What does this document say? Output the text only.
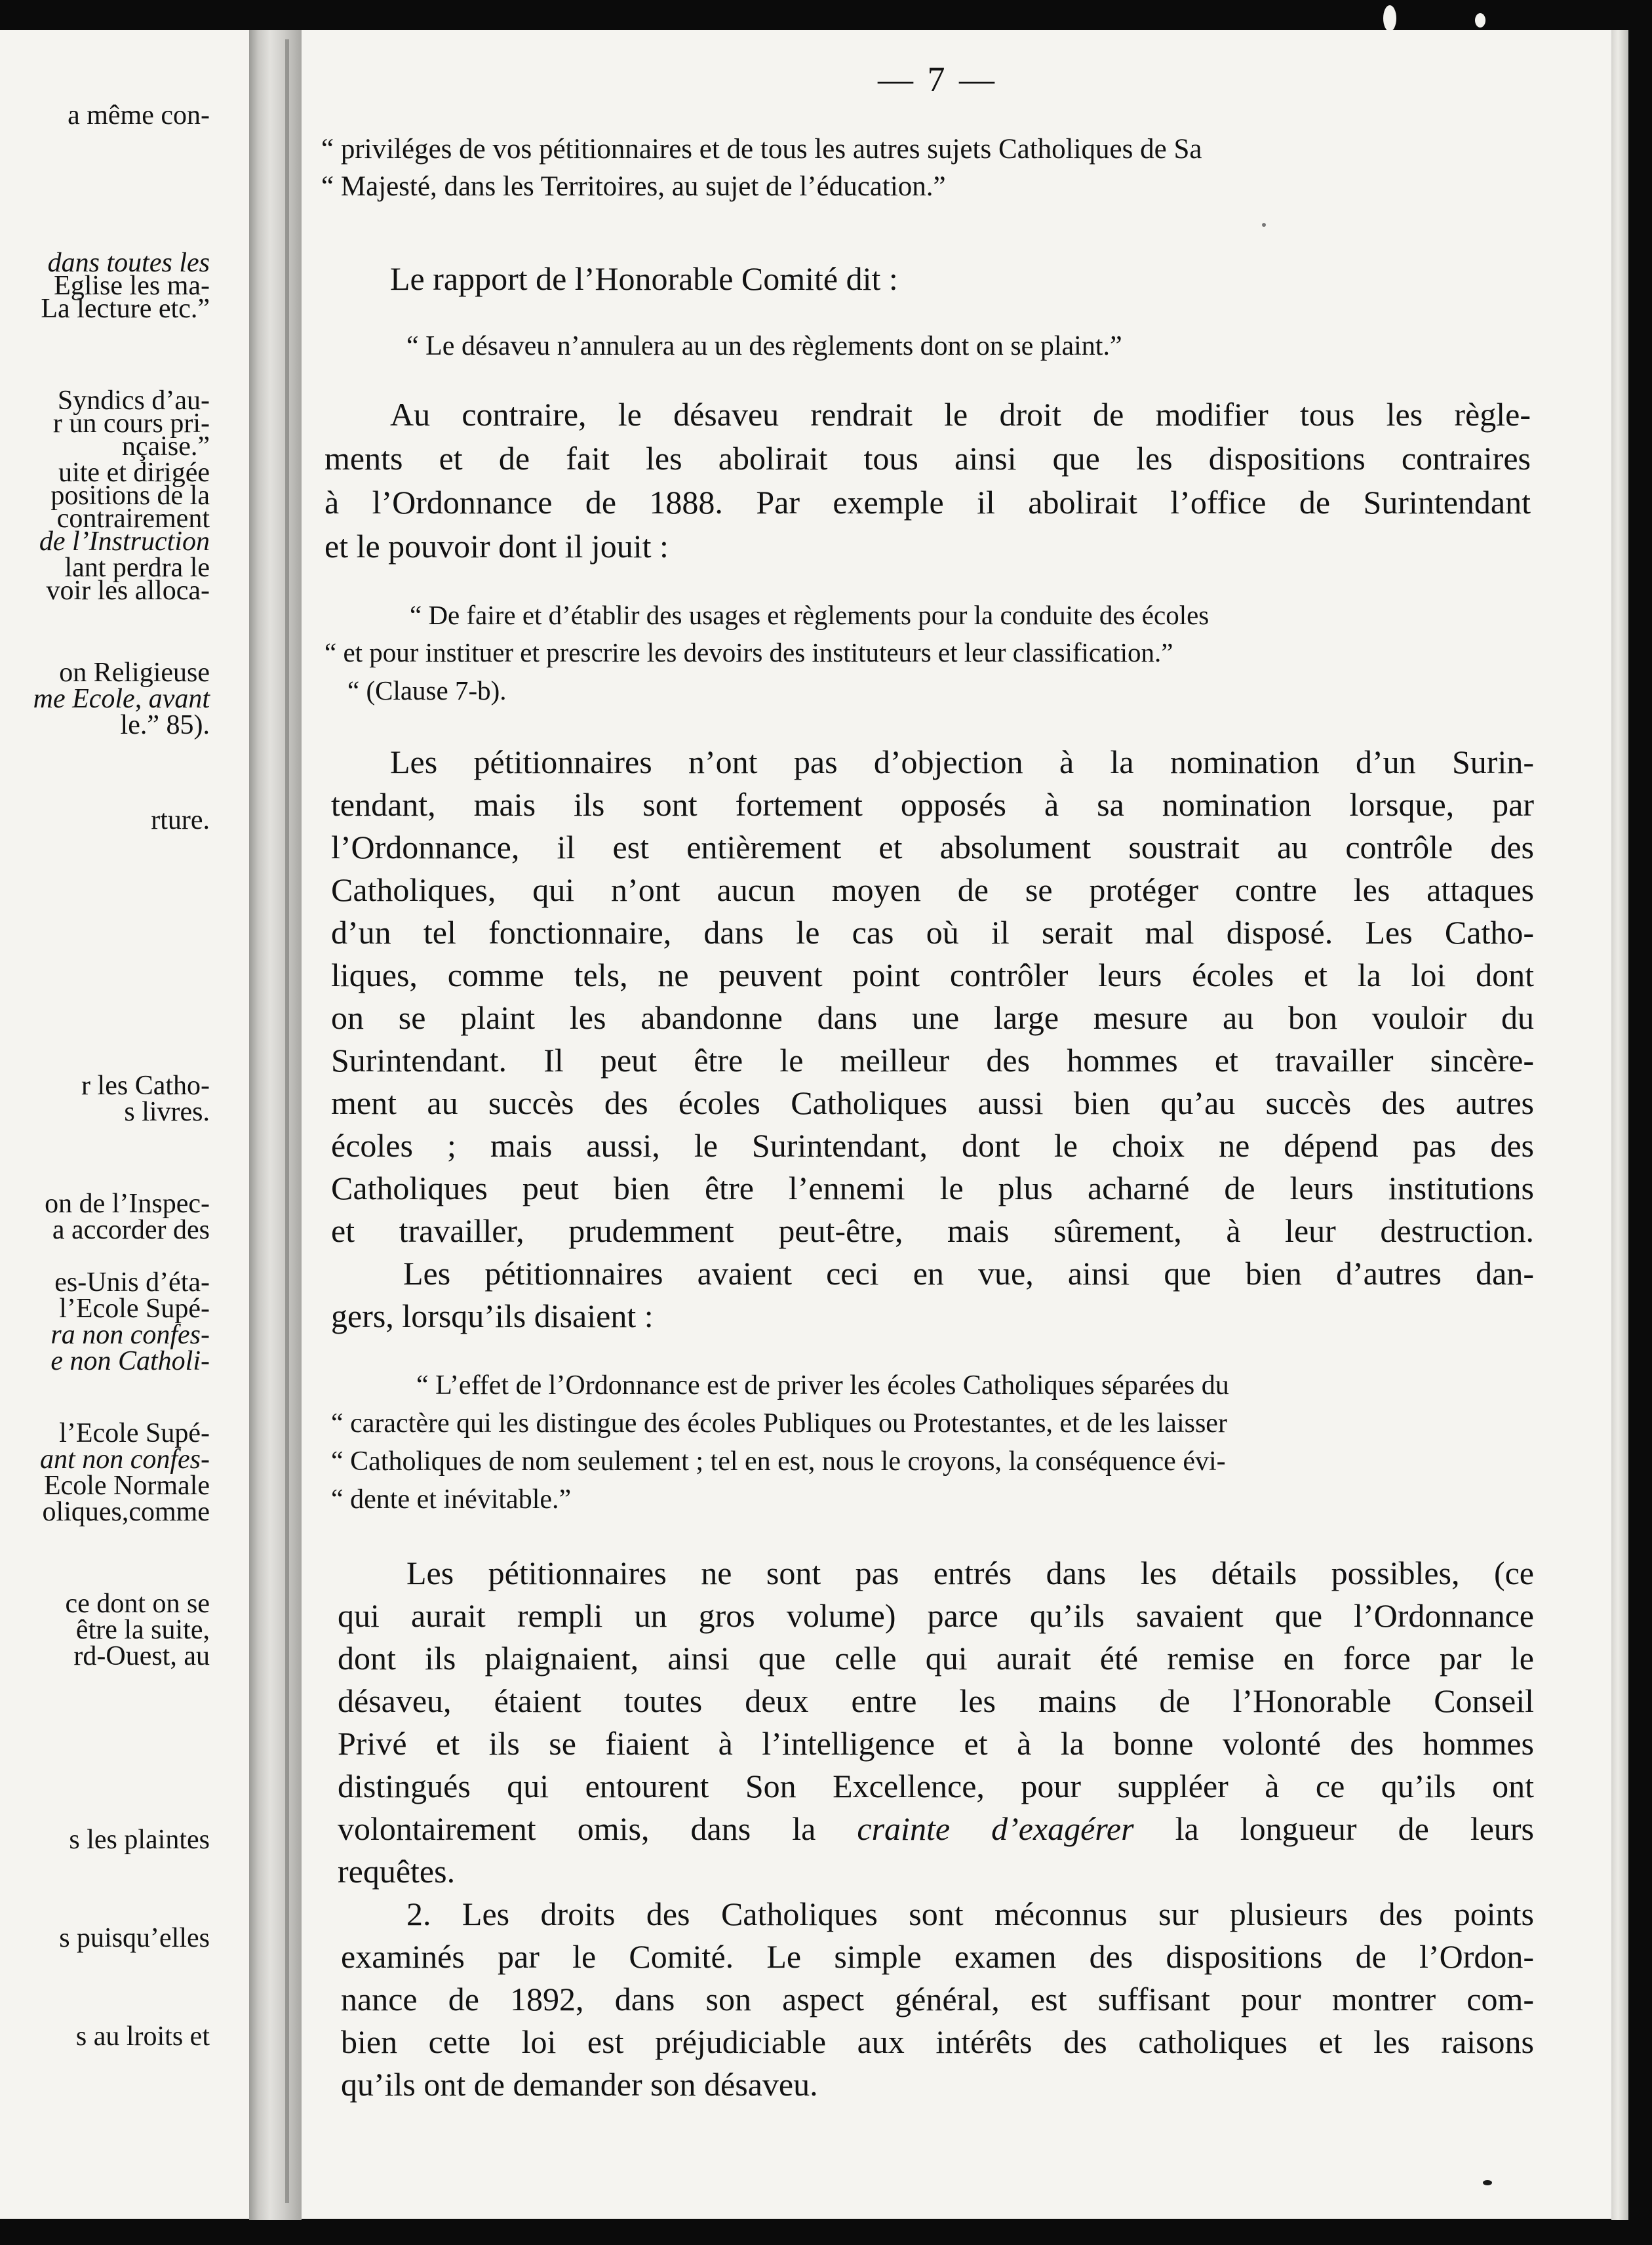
a même con-
dans toutes les
Eglise les ma-
La lecture etc.”
Syndics d’au-
r un cours pri-
nçaise.”
uite et dirigée
positions de la
contrairement
de l’Instruction
lant perdra le
voir les alloca-
on Religieuse
me Ecole, avant
le.” 85).
rture.
r les Catho-
s livres.
on de l’Inspec-
a accorder des
es-Unis d’éta-
l’Ecole Supé-
ra non confes-
e non Catholi-
l’Ecole Supé-
ant non confes-
Ecole Normale
oliques,comme
ce dont on se
être la suite,
rd-Ouest, au
s les plaintes
s puisqu’elles
s au lroits et
— 7 —
“ priviléges de vos pétitionnaires et de tous les autres sujets Catholiques de Sa
“ Majesté, dans les Territoires, au sujet de l’éducation.”
Le rapport de l’Honorable Comité dit :
“ Le désaveu n’annulera au un des règlements dont on se plaint.”
Au contraire, le désaveu rendrait le droit de modifier tous les règle-
ments et de fait les abolirait tous ainsi que les dispositions contraires
à l’Ordonnance de 1888. Par exemple il abolirait l’office de Surintendant
et le pouvoir dont il jouit :
“ De faire et d’établir des usages et règlements pour la conduite des écoles
“ et pour instituer et prescrire les devoirs des instituteurs et leur classification.”
“ (Clause 7-b).
Les pétitionnaires n’ont pas d’objection à la nomination d’un Surin-
tendant, mais ils sont fortement opposés à sa nomination lorsque, par
l’Ordonnance, il est entièrement et absolument soustrait au contrôle des
Catholiques, qui n’ont aucun moyen de se protéger contre les attaques
d’un tel fonctionnaire, dans le cas où il serait mal disposé. Les Catho-
liques, comme tels, ne peuvent point contrôler leurs écoles et la loi dont
on se plaint les abandonne dans une large mesure au bon vouloir du
Surintendant. Il peut être le meilleur des hommes et travailler sincère-
ment au succès des écoles Catholiques aussi bien qu’au succès des autres
écoles ; mais aussi, le Surintendant, dont le choix ne dépend pas des
Catholiques peut bien être l’ennemi le plus acharné de leurs institutions
et travailler, prudemment peut-être, mais sûrement, à leur destruction.
Les pétitionnaires avaient ceci en vue, ainsi que bien d’autres dan-
gers, lorsqu’ils disaient :
“ L’effet de l’Ordonnance est de priver les écoles Catholiques séparées du
“ caractère qui les distingue des écoles Publiques ou Protestantes, et de les laisser
“ Catholiques de nom seulement ; tel en est, nous le croyons, la conséquence évi-
“ dente et inévitable.”
Les pétitionnaires ne sont pas entrés dans les détails possibles, (ce
qui aurait rempli un gros volume) parce qu’ils savaient que l’Ordonnance
dont ils plaignaient, ainsi que celle qui aurait été remise en force par le
désaveu, étaient toutes deux entre les mains de l’Honorable Conseil
Privé et ils se fiaient à l’intelligence et à la bonne volonté des hommes
distingués qui entourent Son Excellence, pour suppléer à ce qu’ils ont
volontairement omis, dans la crainte d’exagérer la longueur de leurs
requêtes.
2. Les droits des Catholiques sont méconnus sur plusieurs des points
examinés par le Comité. Le simple examen des dispositions de l’Ordon-
nance de 1892, dans son aspect général, est suffisant pour montrer com-
bien cette loi est préjudiciable aux intérêts des catholiques et les raisons
qu’ils ont de demander son désaveu.
